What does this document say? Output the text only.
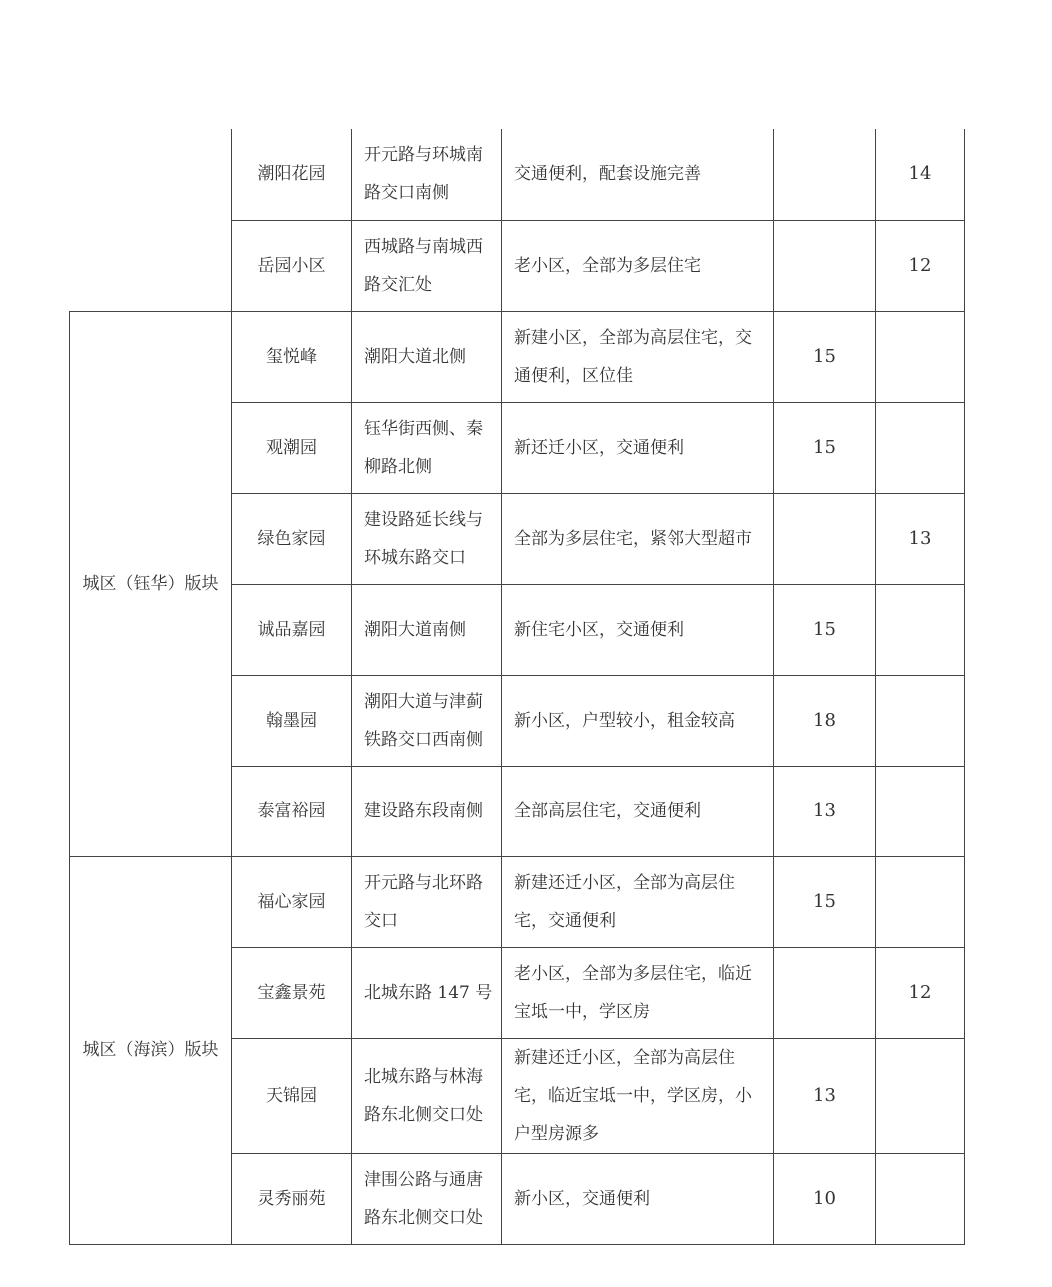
	潮阳花园	开元路与环城南路交口南侧	交通便利，配套设施完善		14
	岳园小区	西城路与南城西路交汇处	老小区，全部为多层住宅		12
城区（钰华）版块	玺悦峰	潮阳大道北侧	新建小区，全部为高层住宅，交通便利，区位佳	15	
	观潮园	钰华街西侧、秦柳路北侧	新还迁小区，交通便利	15	
	绿色家园	建设路延长线与环城东路交口	全部为多层住宅，紧邻大型超市		13
	诚品嘉园	潮阳大道南侧	新住宅小区，交通便利	15	
	翰墨园	潮阳大道与津蓟铁路交口西南侧	新小区，户型较小，租金较高	18	
	泰富裕园	建设路东段南侧	全部高层住宅，交通便利	13	
城区（海滨）版块	福心家园	开元路与北环路交口	新建还迁小区，全部为高层住宅，交通便利	15	
	宝鑫景苑	北城东路 147 号	老小区，全部为多层住宅，临近宝坻一中，学区房		12
	天锦园	北城东路与林海路东北侧交口处	新建还迁小区，全部为高层住宅，临近宝坻一中，学区房，小户型房源多	13	
	灵秀丽苑	津围公路与通唐路东北侧交口处	新小区，交通便利	10	
